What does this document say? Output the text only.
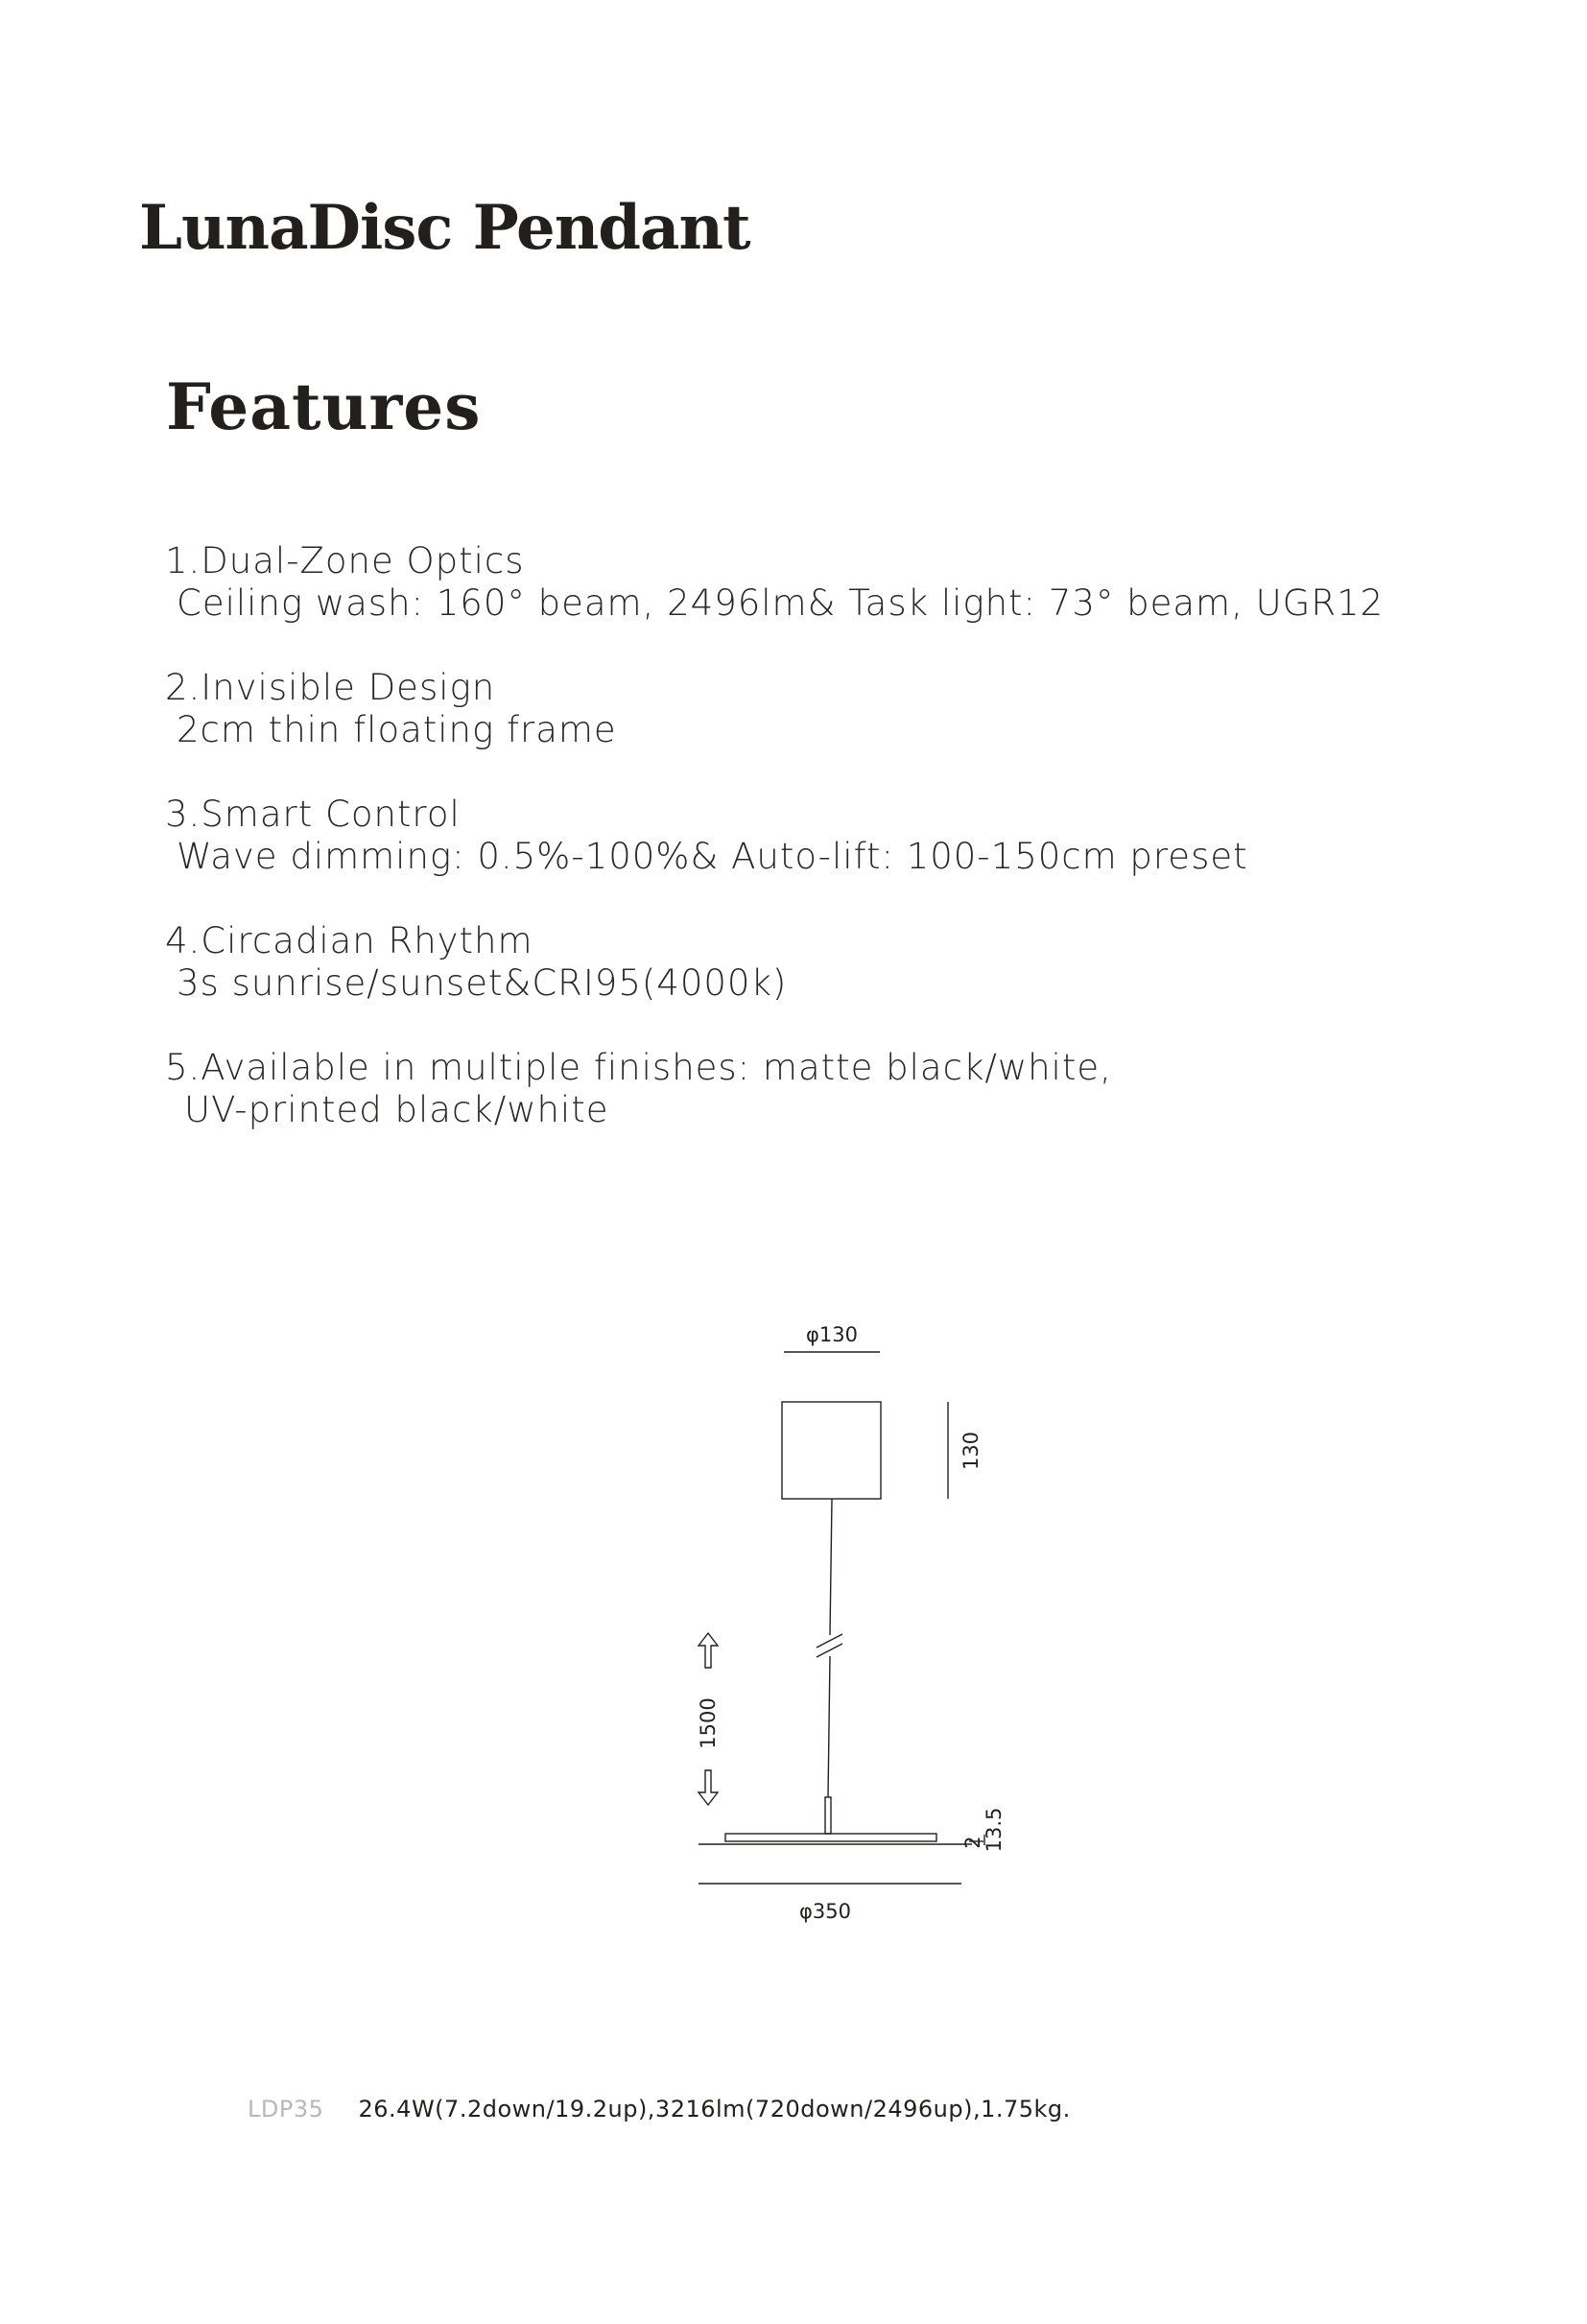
LunaDisc Pendant
Features
1.Dual-Zone Optics
Ceiling wash: 160° beam, 2496lm& Task light: 73° beam, UGR12
2.Invisible Design
2cm thin floating frame
3.Smart Control
Wave dimming: 0.5%-100%& Auto-lift: 100-150cm preset
4.Circadian Rhythm
3s sunrise/sunset&CRI95(4000k)
5.Available in multiple finishes: matte black/white,
UV-printed black/white
φ130
130
1500
2
13.5
φ350
LDP35 26.4W(7.2down/19.2up),3216lm(720down/2496up),1.75kg.
